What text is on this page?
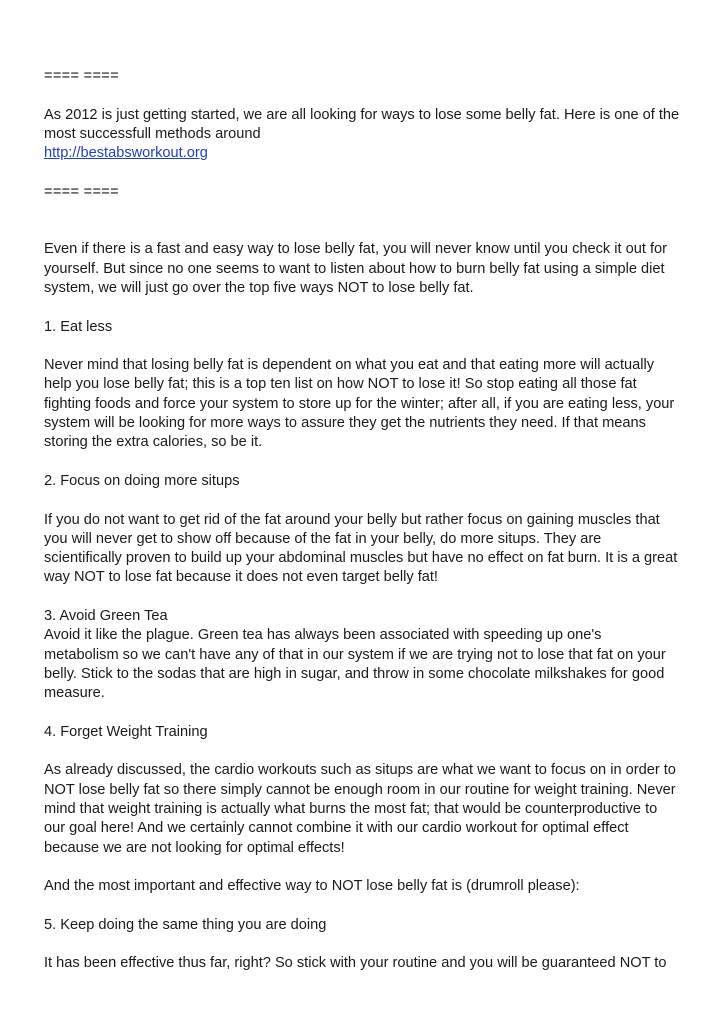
==== ====

As 2012 is just getting started, we are all looking for ways to lose some belly fat. Here is one of the
most successfull methods around
http://bestabsworkout.org

==== ====

Even if there is a fast and easy way to lose belly fat, you will never know until you check it out for
yourself. But since no one seems to want to listen about how to burn belly fat using a simple diet
system, we will just go over the top five ways NOT to lose belly fat.

1. Eat less

Never mind that losing belly fat is dependent on what you eat and that eating more will actually
help you lose belly fat; this is a top ten list on how NOT to lose it! So stop eating all those fat
fighting foods and force your system to store up for the winter; after all, if you are eating less, your
system will be looking for more ways to assure they get the nutrients they need. If that means
storing the extra calories, so be it.

2. Focus on doing more situps

If you do not want to get rid of the fat around your belly but rather focus on gaining muscles that
you will never get to show off because of the fat in your belly, do more situps. They are
scientifically proven to build up your abdominal muscles but have no effect on fat burn. It is a great
way NOT to lose fat because it does not even target belly fat!

3. Avoid Green Tea
Avoid it like the plague. Green tea has always been associated with speeding up one's
metabolism so we can't have any of that in our system if we are trying not to lose that fat on your
belly. Stick to the sodas that are high in sugar, and throw in some chocolate milkshakes for good
measure.

4. Forget Weight Training

As already discussed, the cardio workouts such as situps are what we want to focus on in order to
NOT lose belly fat so there simply cannot be enough room in our routine for weight training. Never
mind that weight training is actually what burns the most fat; that would be counterproductive to
our goal here! And we certainly cannot combine it with our cardio workout for optimal effect
because we are not looking for optimal effects!

And the most important and effective way to NOT lose belly fat is (drumroll please):

5. Keep doing the same thing you are doing

It has been effective thus far, right? So stick with your routine and you will be guaranteed NOT to
